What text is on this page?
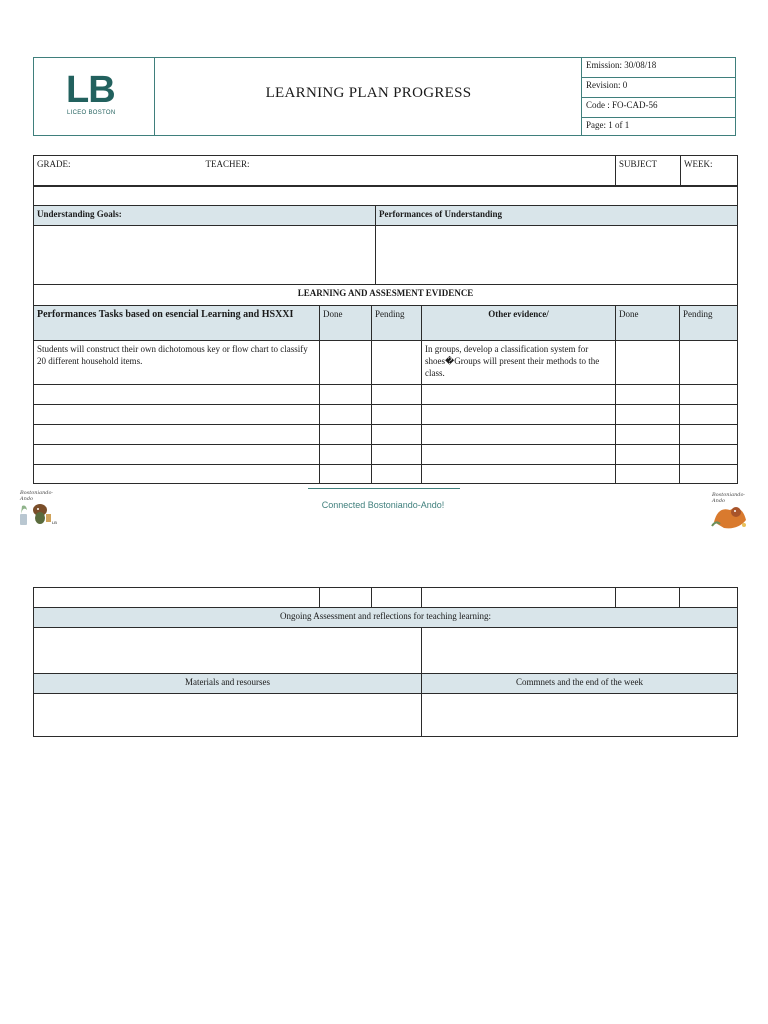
LB
LICEO BOSTON
LEARNING PLAN PROGRESS
Emission: 30/08/18
Revision: 0
Code : FO-CAD-56
Page: 1 of 1
GRADE:	TEACHER:	SUBJECT	WEEK:

Understanding Goals:	Performances of Understanding

LEARNING AND ASSESMENT EVIDENCE					
Performances Tasks based on esencial Learning and HSXXI	Done	Pending	Other evidence/	Done	Pending
Students will construct their own dichotomous key or flow chart to classify 20 different household items.			In groups, develop a classification system for shoes�Groups will present their methods to the class.		

Bostoniando-Ando
LB
Connected Bostoniando-Ando!
Bostoniando-Ando

Ongoing Assessment and reflections for teaching learning:					

Materials and resourses			Commnets and the end of the week		
